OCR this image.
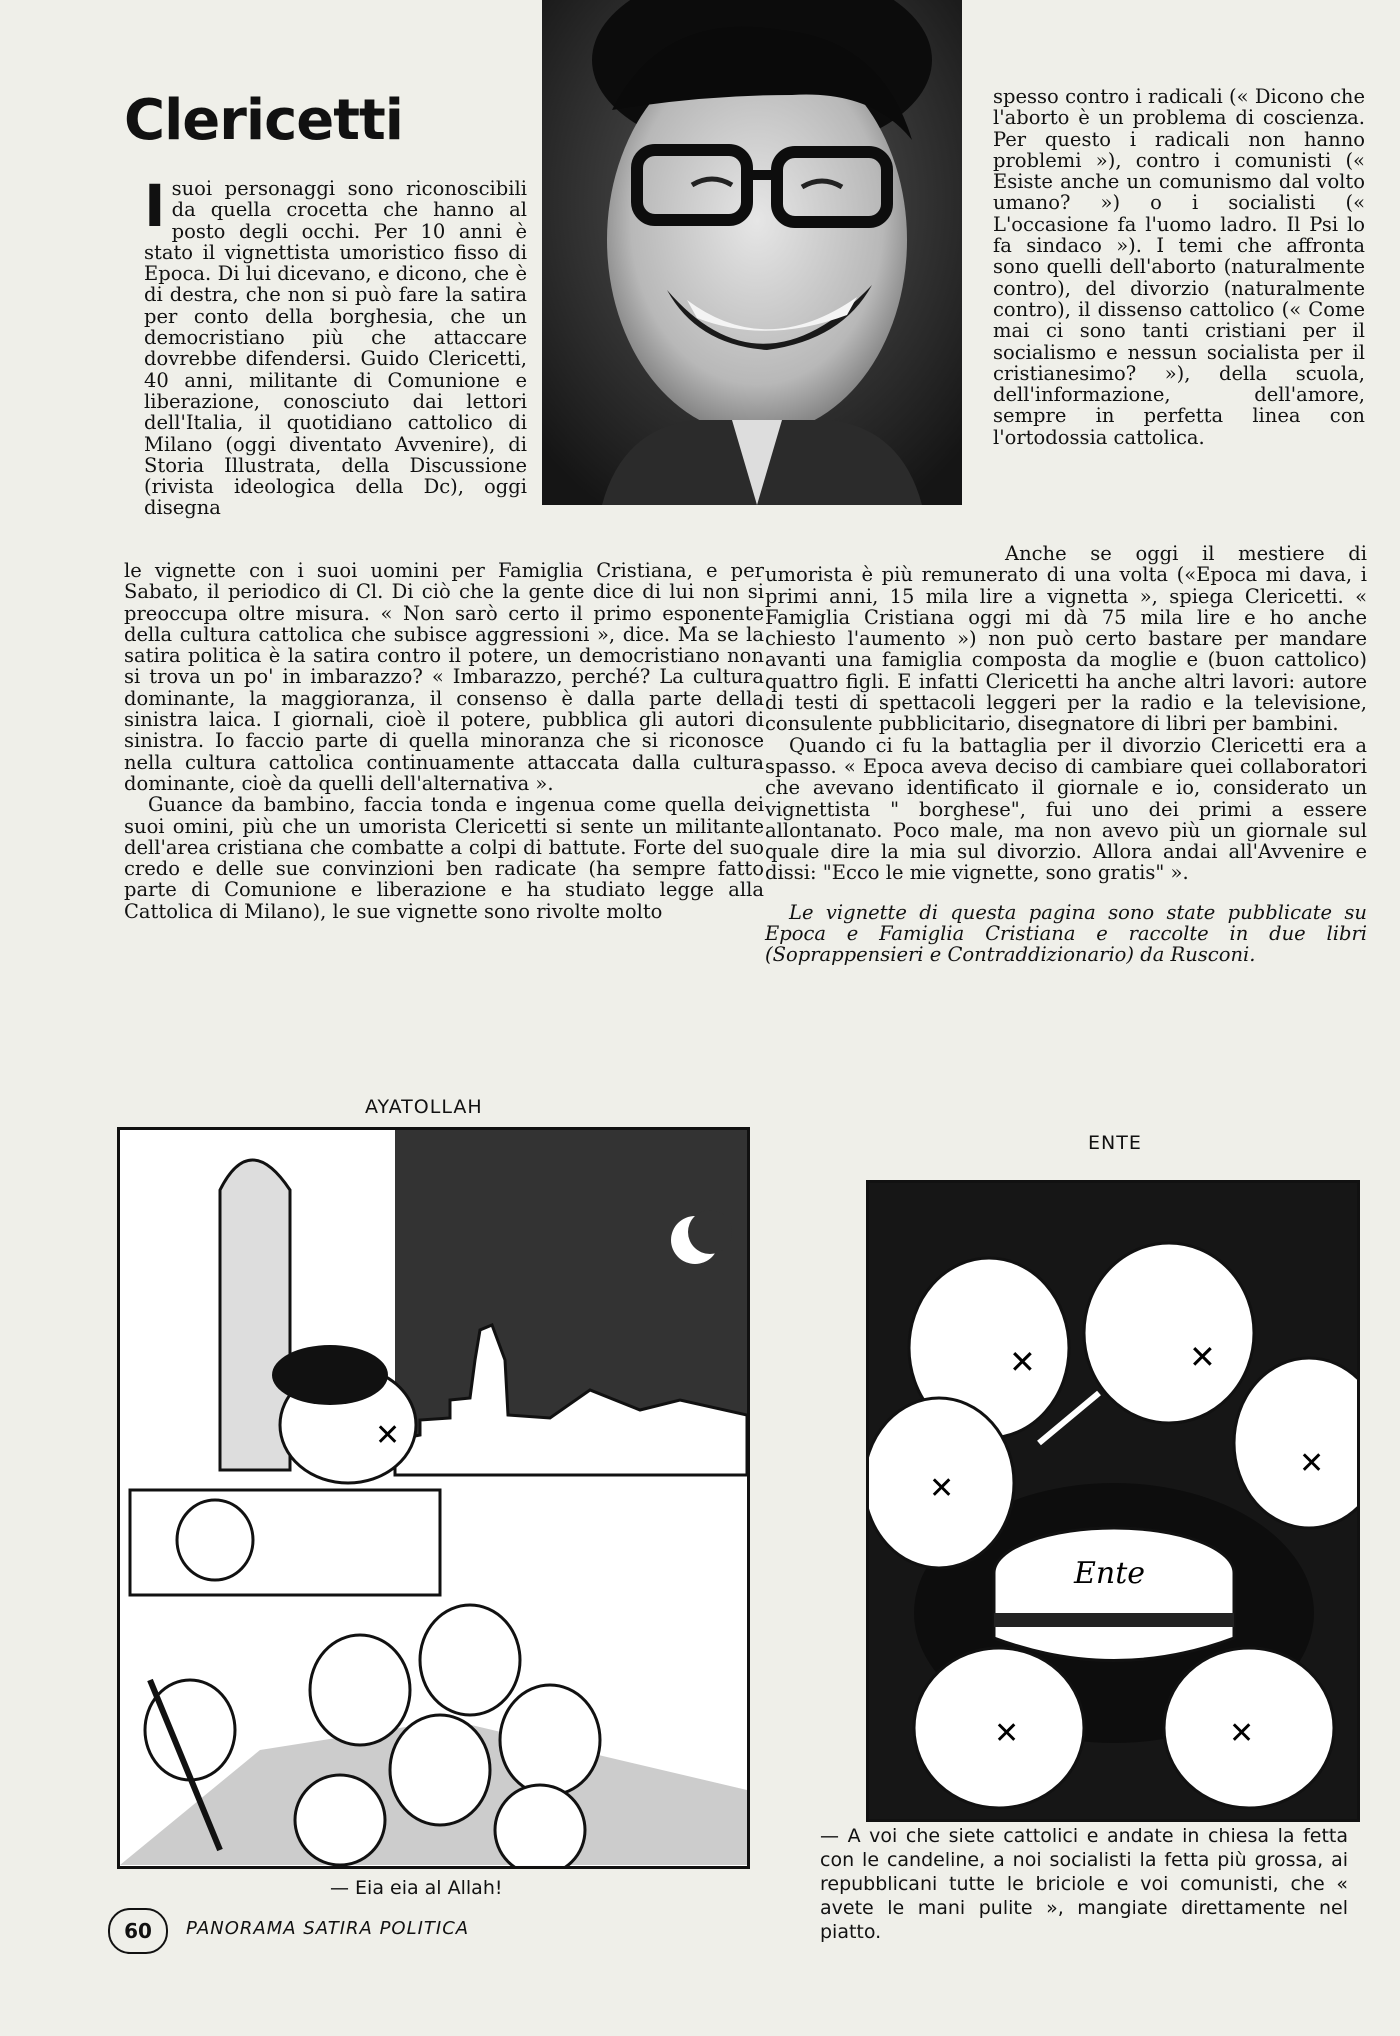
Clericetti
I suoi personaggi sono riconoscibili da quella crocetta che hanno al posto degli occhi. Per 10 anni è stato il vignettista umoristico fisso di Epoca. Di lui dicevano, e dicono, che è di destra, che non si può fare la satira per conto della borghesia, che un democristiano più che attaccare dovrebbe difendersi. Guido Clericetti, 40 anni, militante di Comunione e liberazione, conosciuto dai lettori dell'Italia, il quotidiano cattolico di Milano (oggi diventato Avvenire), di Storia Illustrata, della Discussione (rivista ideologica della Dc), oggi disegna

le vignette con i suoi uomini per Famiglia Cristiana, e per Sabato, il periodico di Cl. Di ciò che la gente dice di lui non si preoccupa oltre misura. « Non sarò certo il primo esponente della cultura cattolica che subisce aggressioni », dice. Ma se la satira politica è la satira contro il potere, un democristiano non si trova un po' in imbarazzo? « Imbarazzo, perché? La cultura dominante, la maggioranza, il consenso è dalla parte della sinistra laica. I giornali, cioè il potere, pubblica gli autori di sinistra. Io faccio parte di quella minoranza che si riconosce nella cultura cattolica continuamente attaccata dalla cultura dominante, cioè da quelli dell'alternativa ».

Guance da bambino, faccia tonda e ingenua come quella dei suoi omini, più che un umorista Clericetti si sente un militante dell'area cristiana che combatte a colpi di battute. Forte del suo credo e delle sue convinzioni ben radicate (ha sempre fatto parte di Comunione e liberazione e ha studiato legge alla Cattolica di Milano), le sue vignette sono rivolte molto

spesso contro i radicali (« Dicono che l'aborto è un problema di coscienza. Per questo i radicali non hanno problemi »), contro i comunisti (« Esiste anche un comunismo dal volto umano? ») o i socialisti (« L'occasione fa l'uomo ladro. Il Psi lo fa sindaco »). I temi che affronta sono quelli dell'aborto (naturalmente contro), del divorzio (naturalmente contro), il dissenso cattolico (« Come mai ci sono tanti cristiani per il socialismo e nessun socialista per il cristianesimo? »), della scuola, dell'informazione, dell'amore, sempre in perfetta linea con l'ortodossia cattolica.

Anche se oggi il mestiere di umorista è più remunerato di una volta («Epoca mi dava, i primi anni, 15 mila lire a vignetta », spiega Clericetti. « Famiglia Cristiana oggi mi dà 75 mila lire e ho anche chiesto l'aumento ») non può certo bastare per mandare avanti una famiglia composta da moglie e (buon cattolico) quattro figli. E infatti Clericetti ha anche altri lavori: autore di testi di spettacoli leggeri per la radio e la televisione, consulente pubblicitario, disegnatore di libri per bambini.

Quando ci fu la battaglia per il divorzio Clericetti era a spasso. « Epoca aveva deciso di cambiare quei collaboratori che avevano identificato il giornale e io, considerato un vignettista " borghese", fui uno dei primi a essere allontanato. Poco male, ma non avevo più un giornale sul quale dire la mia sul divorzio. Allora andai all'Avvenire e dissi: "Ecco le mie vignette, sono gratis" ».

Le vignette di questa pagina sono state pubblicate su Epoca e Famiglia Cristiana e raccolte in due libri (Soprappensieri e Contraddizionario) da Rusconi.

AYATOLLAH
✕
— Eia eia al Allah!
ENTE
Ente
✕	✕
✕
✕
✕	✕
— A voi che siete cattolici e andate in chiesa la fetta con le candeline, a noi socialisti la fetta più grossa, ai repubblicani tutte le briciole e voi comunisti, che « avete le mani pulite », mangiate direttamente nel piatto.
60	PANORAMA SATIRA POLITICA
